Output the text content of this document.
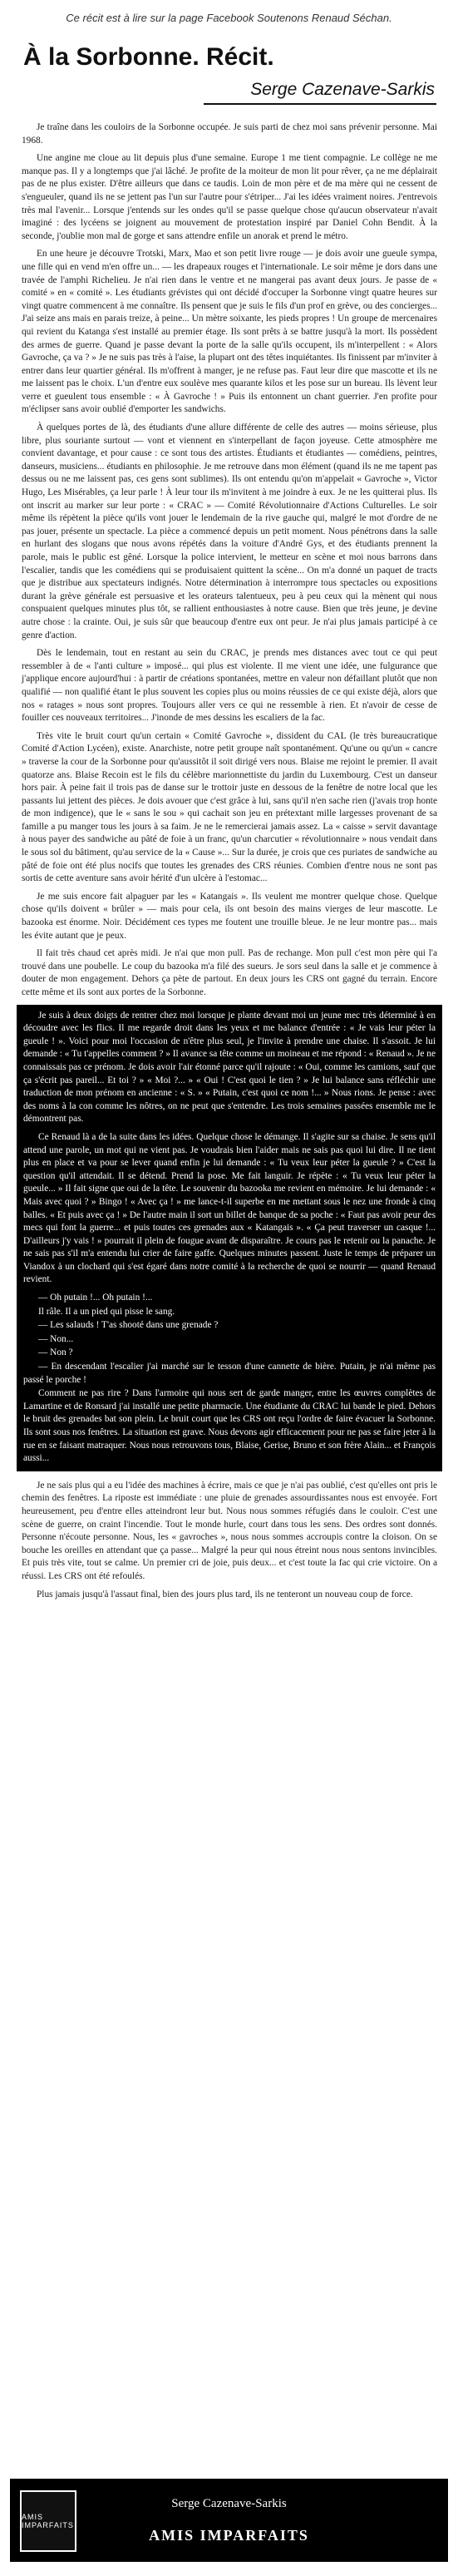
Ce récit est à lire sur la page Facebook Soutenons Renaud Séchan.
À la Sorbonne. Récit.
Serge Cazenave-Sarkis

Je traîne dans les couloirs de la Sorbonne occupée. Je suis parti de chez moi sans prévenir personne. Mai 1968.

Une angine me cloue au lit depuis plus d'une semaine. Europe 1 me tient compagnie. Le collège ne me manque pas. Il y a longtemps que j'ai lâché. Je profite de la moiteur de mon lit pour rêver, ça ne me déplairait pas de ne plus exister. D'être ailleurs que dans ce taudis. Loin de mon père et de ma mère qui ne cessent de s'engueuler, quand ils ne se jettent pas l'un sur l'autre pour s'étriper... J'ai les idées vraiment noires. J'entrevois très mal l'avenir... Lorsque j'entends sur les ondes qu'il se passe quelque chose qu'aucun observateur n'avait imaginé : des lycéens se joignent au mouvement de protestation inspiré par Daniel Cohn Bendit. À la seconde, j'oublie mon mal de gorge et sans attendre enfile un anorak et prend le métro.

En une heure je découvre Trotski, Marx, Mao et son petit livre rouge — je dois avoir une gueule sympa, une fille qui en vend m'en offre un... — les drapeaux rouges et l'internationale. Le soir même je dors dans une travée de l'amphi Richelieu. Je n'ai rien dans le ventre et ne mangerai pas avant deux jours. Je passe de « comité » en « comité ». Les étudiants grévistes qui ont décidé d'occuper la Sorbonne vingt quatre heures sur vingt quatre commencent à me connaître. Ils pensent que je suis le fils d'un prof en grève, ou des concierges... J'ai seize ans mais en parais treize, à peine... Un mètre soixante, les pieds propres ! Un groupe de mercenaires qui revient du Katanga s'est installé au premier étage. Ils sont prêts à se battre jusqu'à la mort. Ils possèdent des armes de guerre. Quand je passe devant la porte de la salle qu'ils occupent, ils m'interpellent : « Alors Gavroche, ça va ? » Je ne suis pas très à l'aise, la plupart ont des têtes inquiétantes. Ils finissent par m'inviter à entrer dans leur quartier général. Ils m'offrent à manger, je ne refuse pas. Faut leur dire que mascotte et ils ne me laissent pas le choix. L'un d'entre eux soulève mes quarante kilos et les pose sur un bureau. Ils lèvent leur verre et gueulent tous ensemble : « À Gavroche ! » Puis ils entonnent un chant guerrier. J'en profite pour m'éclipser sans avoir oublié d'emporter les sandwichs.

À quelques portes de là, des étudiants d'une allure différente de celle des autres — moins sérieuse, plus libre, plus souriante surtout — vont et viennent en s'interpellant de façon joyeuse. Cette atmosphère me convient davantage, et pour cause : ce sont tous des artistes. Étudiants et étudiantes — comédiens, peintres, danseurs, musiciens... étudiants en philosophie. Je me retrouve dans mon élément (quand ils ne me tapent pas dessus ou ne me laissent pas, ces gens sont sublimes). Ils ont entendu qu'on m'appelait « Gavroche », Victor Hugo, Les Misérables, ça leur parle ! À leur tour ils m'invitent à me joindre à eux. Je ne les quitterai plus. Ils ont inscrit au marker sur leur porte : « CRAC » — Comité Révolutionnaire d'Actions Culturelles. Le soir même ils répètent la pièce qu'ils vont jouer le lendemain de la rive gauche qui, malgré le mot d'ordre de ne pas jouer, présente un spectacle. La pièce a commencé depuis un petit moment. Nous pénétrons dans la salle en hurlant des slogans que nous avons répétés dans la voiture d'André Gys, et des étudiants prennent la parole, mais le public est gêné. Lorsque la police intervient, le metteur en scène et moi nous barrons dans l'escalier, tandis que les comédiens qui se produisaient quittent la scène... On m'a donné un paquet de tracts que je distribue aux spectateurs indignés. Notre détermination à interrompre tous spectacles ou expositions durant la grève générale est persuasive et les orateurs talentueux, peu à peu ceux qui la mènent qui nous conspuaient quelques minutes plus tôt, se rallient enthousiastes à notre cause. Bien que très jeune, je devine autre chose : la crainte. Oui, je suis sûr que beaucoup d'entre eux ont peur. Je n'ai plus jamais participé à ce genre d'action.

Dès le lendemain, tout en restant au sein du CRAC, je prends mes distances avec tout ce qui peut ressembler à de « l'anti culture » imposé... qui plus est violente. Il me vient une idée, une fulgurance que j'applique encore aujourd'hui : à partir de créations spontanées, mettre en valeur non défaillant plutôt que non qualifié — non qualifié étant le plus souvent les copies plus ou moins réussies de ce qui existe déjà, alors que nos « ratages » nous sont propres. Toujours aller vers ce qui ne ressemble à rien. Et n'avoir de cesse de fouiller ces nouveaux territoires... J'inonde de mes dessins les escaliers de la fac.

Très vite le bruit court qu'un certain « Comité Gavroche », dissident du CAL (le très bureaucratique Comité d'Action Lycéen), existe. Anarchiste, notre petit groupe naît spontanément. Qu'une ou qu'un « cancre » traverse la cour de la Sorbonne pour qu'aussitôt il soit dirigé vers nous. Blaise me rejoint le premier. Il avait quatorze ans. Blaise Recoin est le fils du célèbre marionnettiste du jardin du Luxembourg. C'est un danseur hors pair. À peine fait il trois pas de danse sur le trottoir juste en dessous de la fenêtre de notre local que les passants lui jettent des pièces. Je dois avouer que c'est grâce à lui, sans qu'il n'en sache rien (j'avais trop honte de mon indigence), que le « sans le sou » qui cachait son jeu en prétextant mille largesses provenant de sa famille a pu manger tous les jours à sa faim. Je ne le remercierai jamais assez. La « caisse » servit davantage à nous payer des sandwiche au pâté de foie à un franc, qu'un charcutier « révolutionnaire » nous vendait dans le sous sol du bâtiment, qu'au service de la « Cause »... Sur la durée, je crois que ces puriates de sandwiche au pâté de foie ont été plus nocifs que toutes les grenades des CRS réunies. Combien d'entre nous ne sont pas sortis de cette aventure sans avoir hérité d'un ulcère à l'estomac...

Je me suis encore fait alpaguer par les « Katangais ». Ils veulent me montrer quelque chose. Quelque chose qu'ils doivent « brûler » — mais pour cela, ils ont besoin des mains vierges de leur mascotte. Le bazooka est énorme. Noir. Décidément ces types me foutent une trouille bleue. Je ne leur montre pas... mais les évite autant que je peux.

Il fait très chaud cet après midi. Je n'ai que mon pull. Pas de rechange. Mon pull c'est mon père qui l'a trouvé dans une poubelle. Le coup du bazooka m'a filé des sueurs. Je sors seul dans la salle et je commence à douter de mon engagement. Dehors ça pète de partout. En deux jours les CRS ont gagné du terrain. Encore cette même et ils sont aux portes de la Sorbonne.

Je suis à deux doigts de rentrer chez moi lorsque je plante devant moi un jeune mec très déterminé à en découdre avec les flics. Il me regarde droit dans les yeux et me balance d'entrée : « Je vais leur péter la gueule ! ». Voici pour moi l'occasion de n'être plus seul, je l'invite à prendre une chaise. Il s'assoit. Je lui demande : « Tu t'appelles comment ? » Il avance sa tête comme un moineau et me répond : « Renaud ». Je ne connaissais pas ce prénom. Je dois avoir l'air étonné parce qu'il rajoute : « Oui, comme les camions, sauf que ça s'écrit pas pareil... Et toi ? » « Moi ?... » « Oui ! C'est quoi le tien ? » Je lui balance sans réfléchir une traduction de mon prénom en ancienne : « S. » « Putain, c'est quoi ce nom !... » Nous rions. Je pense : avec des noms à la con comme les nôtres, on ne peut que s'entendre. Les trois semaines passées ensemble me le démontrent pas.

Ce Renaud là a de la suite dans les idées. Quelque chose le démange. Il s'agite sur sa chaise. Je sens qu'il attend une parole, un mot qui ne vient pas. Je voudrais bien l'aider mais ne sais pas quoi lui dire. Il ne tient plus en place et va pour se lever quand enfin je lui demande : « Tu veux leur péter la gueule ? » C'est la question qu'il attendait. Il se détend. Prend la pose. Me fait languir. Je répète : « Tu veux leur péter la gueule... » Il fait signe que oui de la tête. Le souvenir du bazooka me revient en mémoire. Je lui demande : « Mais avec quoi ? » Bingo ! « Avec ça ! » me lance-t-il superbe en me mettant sous le nez une fronde à cinq balles. « Et puis avec ça ! » De l'autre main il sort un billet de banque de sa poche : « Faut pas avoir peur des mecs qui font la guerre... et puis toutes ces grenades aux « Katangais ». « Ça peut traverser un casque !... D'ailleurs j'y vais ! » pourrait il plein de fougue avant de disparaître. Je cours pas le retenir ou la panache. Je ne sais pas s'il m'a entendu lui crier de faire gaffe. Quelques minutes passent. Juste le temps de préparer un Viandox à un clochard qui s'est égaré dans notre comité à la recherche de quoi se nourrir — quand Renaud revient.

— Oh putain !... Oh putain !...

Il râle. Il a un pied qui pisse le sang.

— Les salauds ! T'as shooté dans une grenade ?

— Non...

— Non ?

— En descendant l'escalier j'ai marché sur le tesson d'une cannette de bière. Putain, je n'ai même pas passé le porche !

Comment ne pas rire ? Dans l'armoire qui nous sert de garde manger, entre les œuvres complètes de Lamartine et de Ronsard j'ai installé une petite pharmacie. Une étudiante du CRAC lui bande le pied. Dehors le bruit des grenades bat son plein. Le bruit court que les CRS ont reçu l'ordre de faire évacuer la Sorbonne. Ils sont sous nos fenêtres. La situation est grave. Nous devons agir efficacement pour ne pas se faire jeter à la rue en se faisant matraquer. Nous nous retrouvons tous, Blaise, Gerise, Bruno et son frère Alain... et François aussi...

Je ne sais plus qui a eu l'idée des machines à écrire, mais ce que je n'ai pas oublié, c'est qu'elles ont pris le chemin des fenêtres. La riposte est immédiate : une pluie de grenades assourdissantes nous est envoyée. Fort heureusement, peu d'entre elles atteindront leur but. Nous nous sommes réfugiés dans le couloir. C'est une scène de guerre, on craint l'incendie. Tout le monde hurle, court dans tous les sens. Des ordres sont donnés. Personne n'écoute personne. Nous, les « gavroches », nous nous sommes accroupis contre la cloison. On se bouche les oreilles en attendant que ça passe... Malgré la peur qui nous étreint nous nous sentons invincibles. Et puis très vite, tout se calme. Un premier cri de joie, puis deux... et c'est toute la fac qui crie victoire. On a réussi. Les CRS ont été refoulés.

Plus jamais jusqu'à l'assaut final, bien des jours plus tard, ils ne tenteront un nouveau coup de force.

AMIS IMPARFAITS
Serge Cazenave-Sarkis
AMIS IMPARFAITS
